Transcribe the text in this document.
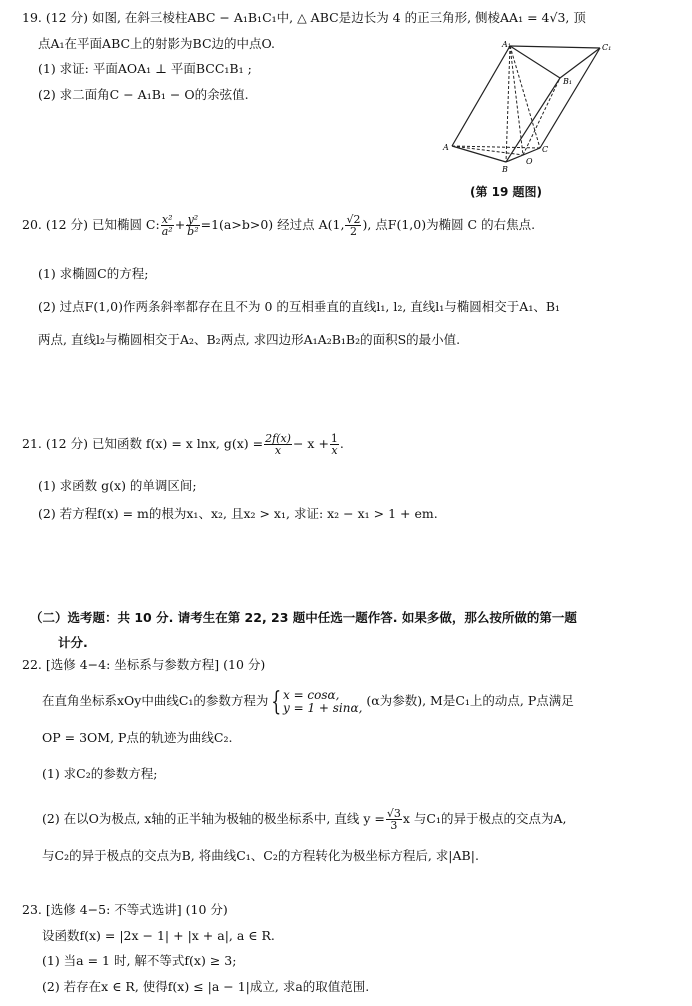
19. (12 分) 如图, 在斜三棱柱ABC − A₁B₁C₁中, △ ABC是边长为 4 的正三角形, 侧棱AA₁ = 4√3, 顶
点A₁在平面ABC上的射影为BC边的中点O.
(1) 求证: 平面AOA₁ ⊥ 平面BCC₁B₁ ;
(2) 求二面角C − A₁B₁ − O的余弦值.
A₁	C₁
B₁
A	C
O
B
(第 19 题图)
20. (12 分) 已知椭圆 C: $\frac{\text{x²}}{\text{a²}} + \frac{\text{y²}}{\text{b²}} =1(a>b>0)$ 经过点 A(1, $\frac{√2}{2}$ ), 点F(1,0)为椭圆 C 的右焦点.
(1) 求椭圆C的方程;
(2) 过点F(1,0)作两条斜率都存在且不为 0 的互相垂直的直线l₁, l₂, 直线l₁与椭圆相交于A₁、B₁
两点, 直线l₂与椭圆相交于A₂、B₂两点, 求四边形A₁A₂B₁B₂的面积S的最小值.
21. (12 分) 已知函数 f(x) = x lnx, $g(x) = \frac{2f(x)}{x} - x + \frac{1}{x}$ .
(1) 求函数 g(x) 的单调区间;
(2) 若方程f(x) = m的根为x₁、x₂, 且x₂ > x₁, 求证: x₂ − x₁ > 1 + em.
（二）选考题：共 10 分. 请考生在第 22, 23 题中任选一题作答. 如果多做，那么按所做的第一题
计分.
22. [选修 4−4: 坐标系与参数方程] (10 分)
在直角坐标系xOy中曲线C₁的参数方程为 { x = cosα,
y = 1 + sinα, (α为参数), M是C₁上的动点, P点满足
OP = 3OM, P点的轨迹为曲线C₂.
(1) 求C₂的参数方程;
(2) 在以O为极点, x轴的正半轴为极轴的极坐标系中, 直线 $y = \frac{√3}{3}$ x 与C₁的异于极点的交点为A,
与C₂的异于极点的交点为B, 将曲线C₁、C₂的方程转化为极坐标方程后, 求|AB|.
23. [选修 4−5: 不等式选讲] (10 分)
设函数f(x) = |2x − 1| + |x + a|, a ∈ R.
(1) 当a = 1 时, 解不等式f(x) ≥ 3;
(2) 若存在x ∈ R, 使得f(x) ≤ |a − 1|成立, 求a的取值范围.
